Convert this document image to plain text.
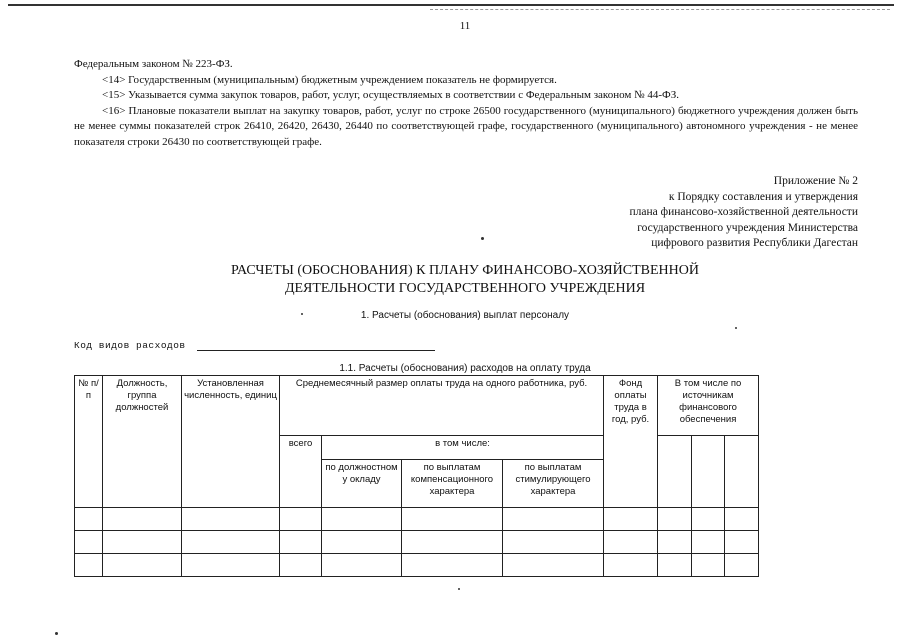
11

Федеральным законом № 223-ФЗ.

<14> Государственным (муниципальным) бюджетным учреждением показатель не формируется.

<15> Указывается сумма закупок товаров, работ, услуг, осуществляемых в соответствии с Федеральным законом № 44-ФЗ.

<16> Плановые показатели выплат на закупку товаров, работ, услуг по строке 26500 государственного (муниципального) бюджетного учреждения должен быть не менее суммы показателей строк 26410, 26420, 26430, 26440 по соответствующей графе, государственного (муниципального) автономного учреждения - не менее показателя строки 26430 по соответствующей графе.

Приложение № 2
к Порядку составления и утверждения
плана финансово-хозяйственной деятельности
государственного учреждения Министерства
цифрового развития Республики Дагестан
РАСЧЕТЫ (ОБОСНОВАНИЯ) К ПЛАНУ ФИНАНСОВО-ХОЗЯЙСТВЕННОЙ
ДЕЯТЕЛЬНОСТИ ГОСУДАРСТВЕННОГО УЧРЕЖДЕНИЯ
1. Расчеты (обоснования) выплат персоналу
Код видов расходов
1.1. Расчеты (обоснования) расходов на оплату труда
№ п/п	Должность, группа должностей	Установленная численность, единиц	Среднемесячный размер оплаты труда на одного работника, руб.				Фонд оплаты труда в год, руб.	В том числе по источникам финансового обеспечения		
			всего	в том числе:						
				по должностном у окладу	по выплатам компенсационного характера	по выплатам стимулирующего характера				
